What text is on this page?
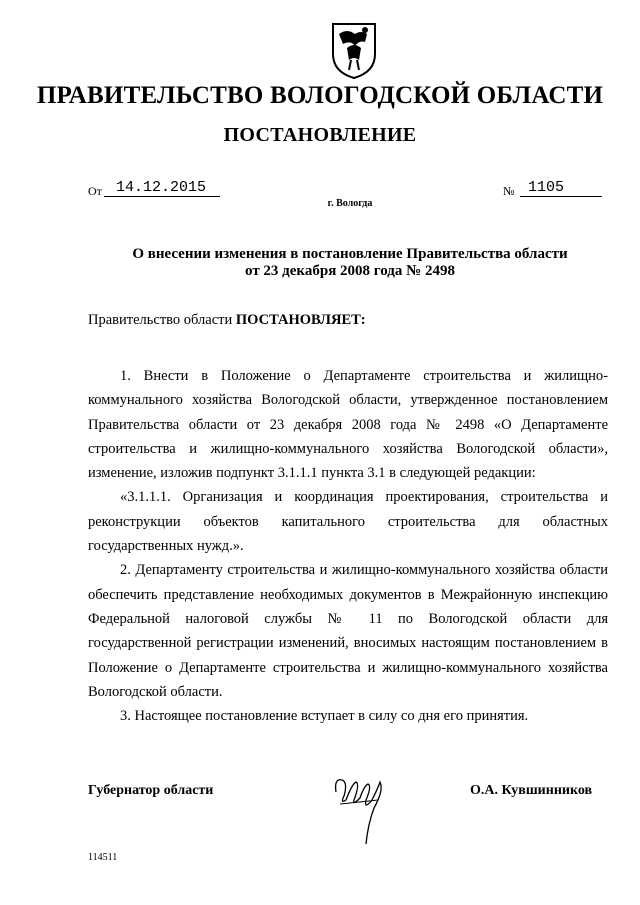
ПРАВИТЕЛЬСТВО ВОЛОГОДСКОЙ ОБЛАСТИ
ПОСТАНОВЛЕНИЕ
От 14.12.2015	№ 1105
г. Вологда
О внесении изменения в постановление Правительства области
от 23 декабря 2008 года № 2498
Правительство области ПОСТАНОВЛЯЕТ:

1. Внести в Положение о Департаменте строительства и жилищно-коммунального хозяйства Вологодской области, утвержденное постановлением Правительства области от 23 декабря 2008 года № 2498 «О Департаменте строительства и жилищно-коммунального хозяйства Вологодской области», изменение, изложив подпункт 3.1.1.1 пункта 3.1 в следующей редакции:

«3.1.1.1. Организация и координация проектирования, строительства и реконструкции объектов капитального строительства для областных государственных нужд.».

2. Департаменту строительства и жилищно-коммунального хозяйства области обеспечить представление необходимых документов в Межрайонную инспекцию Федеральной налоговой службы № 11 по Вологодской области для государственной регистрации изменений, вносимых настоящим постановлением в Положение о Департаменте строительства и жилищно-коммунального хозяйства Вологодской области.

3. Настоящее постановление вступает в силу со дня его принятия.

Губернатор области	О.А. Кувшинников
114511
